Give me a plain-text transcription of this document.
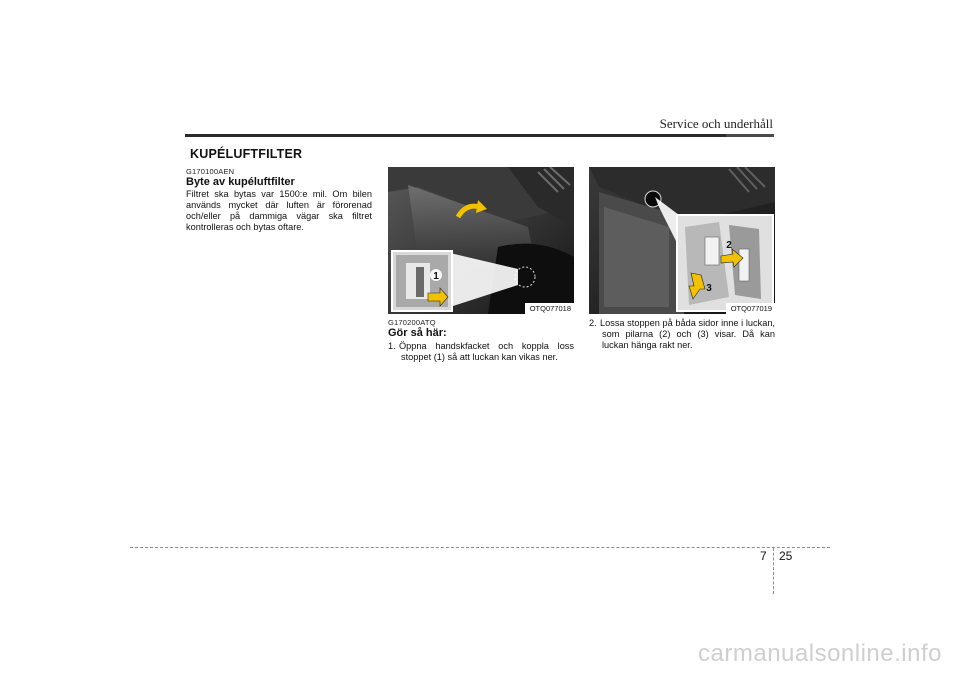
Service och underhåll
KUPÉLUFTFILTER
G170100AEN
Byte av kupéluftfilter
Filtret ska bytas var 1500:e mil. Om bilen används mycket där luften är förorenad och/eller på dammiga vägar ska filtret kontrolleras och bytas oftare.
1
OTQ077018
G170200ATQ
Gör så här:
1. Öppna handskfacket och koppla loss stoppet (1) så att luckan kan vikas ner.
2
3
OTQ077019
2. Lossa stoppen på båda sidor inne i luckan, som pilarna (2) och (3) visar. Då kan luckan hänga rakt ner.
7 25
carmanualsonline.info
